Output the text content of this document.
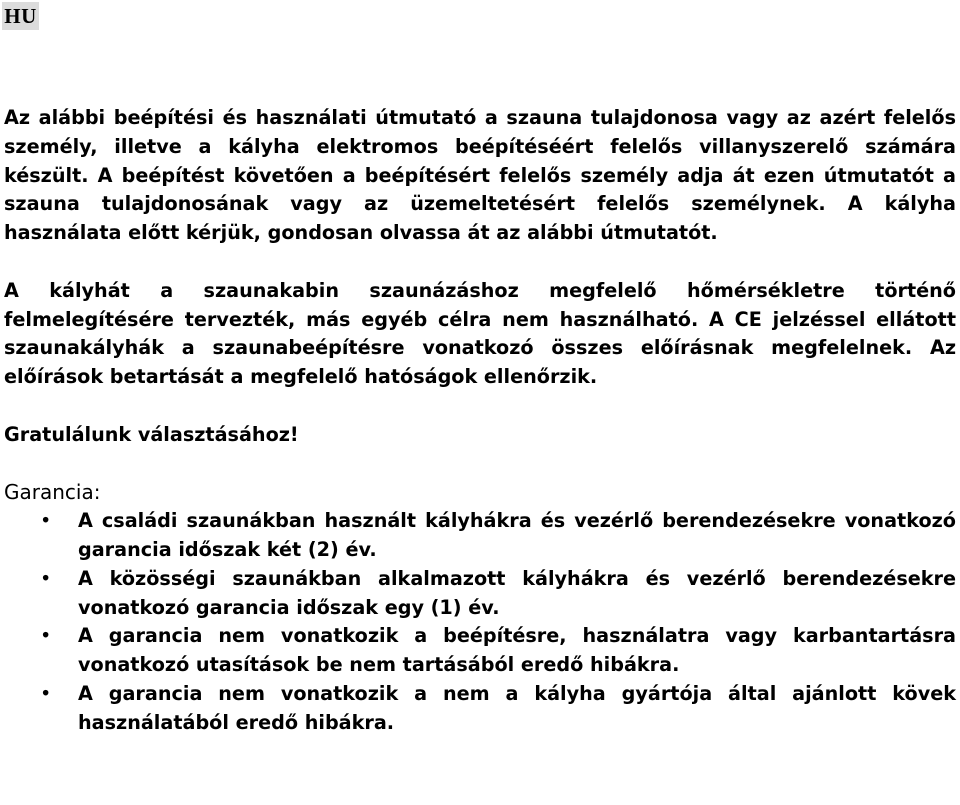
HU

Az alábbi beépítési és használati útmutató a szauna tulajdonosa vagy az azért felelős személy, illetve a kályha elektromos beépítéséért felelős villanyszerelő számára készült. A beépítést követően a beépítésért felelős személy adja át ezen útmutatót a szauna tulajdonosának vagy az üzemeltetésért felelős személynek. A kályha használata előtt kérjük, gondosan olvassa át az alábbi útmutatót.

A kályhát a szaunakabin szaunázáshoz megfelelő hőmérsékletre történő felmelegítésére tervezték, más egyéb célra nem használható. A CE jelzéssel ellátott szaunakályhák a szaunabeépítésre vonatkozó összes előírásnak megfelelnek. Az előírások betartását a megfelelő hatóságok ellenőrzik.

Gratulálunk választásához!

Garancia:

• A családi szaunákban használt kályhákra és vezérlő berendezésekre vonatkozó garancia időszak két (2) év.
• A közösségi szaunákban alkalmazott kályhákra és vezérlő berendezésekre vonatkozó garancia időszak egy (1) év.
• A garancia nem vonatkozik a beépítésre, használatra vagy karbantartásra vonatkozó utasítások be nem tartásából eredő hibákra.
• A garancia nem vonatkozik a nem a kályha gyártója által ajánlott kövek használatából eredő hibákra.
